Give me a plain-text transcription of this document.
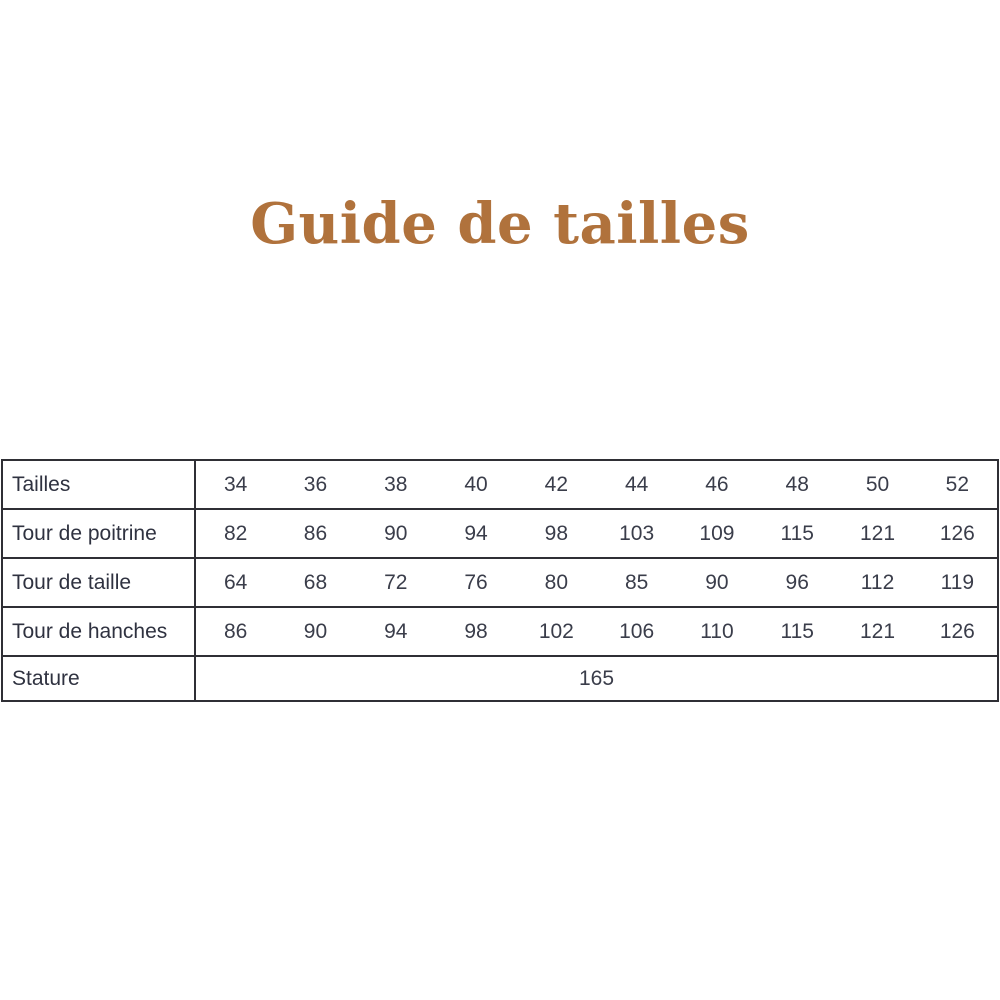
Guide de tailles
Tailles	34	36	38	40	42	44	46	48	50	52
Tour de poitrine	82	86	90	94	98	103	109	115	121	126
Tour de taille	64	68	72	76	80	85	90	96	112	119
Tour de hanches	86	90	94	98	102	106	110	115	121	126
Stature	165									
